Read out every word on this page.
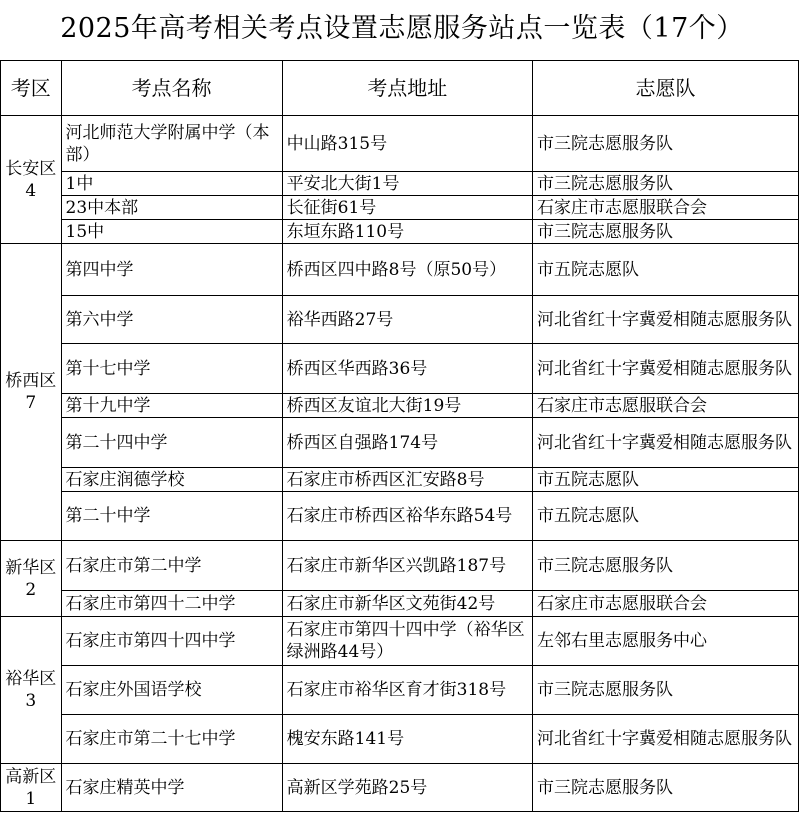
2025年高考相关考点设置志愿服务站点一览表（17个）
考区	考点名称	考点地址	志愿队

长安区
4	河北师范大学附属中学（本部）	中山路315号	市三院志愿服务队
	1中	平安北大街1号	市三院志愿服务队
	23中本部	长征街61号	石家庄市志愿服联合会
	15中	东垣东路110号	市三院志愿服务队

桥西区
7	第四中学	桥西区四中路8号（原50号）	市五院志愿队
	第六中学	裕华西路27号	河北省红十字冀爱相随志愿服务队
	第十七中学	桥西区华西路36号	河北省红十字冀爱相随志愿服务队
	第十九中学	桥西区友谊北大街19号	石家庄市志愿服联合会
	第二十四中学	桥西区自强路174号	河北省红十字冀爱相随志愿服务队
	石家庄润德学校	石家庄市桥西区汇安路8号	市五院志愿队
	第二十中学	石家庄市桥西区裕华东路54号	市五院志愿队

新华区
2	石家庄市第二中学	石家庄市新华区兴凯路187号	市三院志愿服务队
	石家庄市第四十二中学	石家庄市新华区文苑街42号	石家庄市志愿服联合会

裕华区
3	石家庄市第四十四中学	石家庄市第四十四中学（裕华区绿洲路44号）	左邻右里志愿服务中心
	石家庄外国语学校	石家庄市裕华区育才街318号	市三院志愿服务队
	石家庄市第二十七中学	槐安东路141号	河北省红十字冀爱相随志愿服务队

高新区
1	石家庄精英中学	高新区学苑路25号	市三院志愿服务队
